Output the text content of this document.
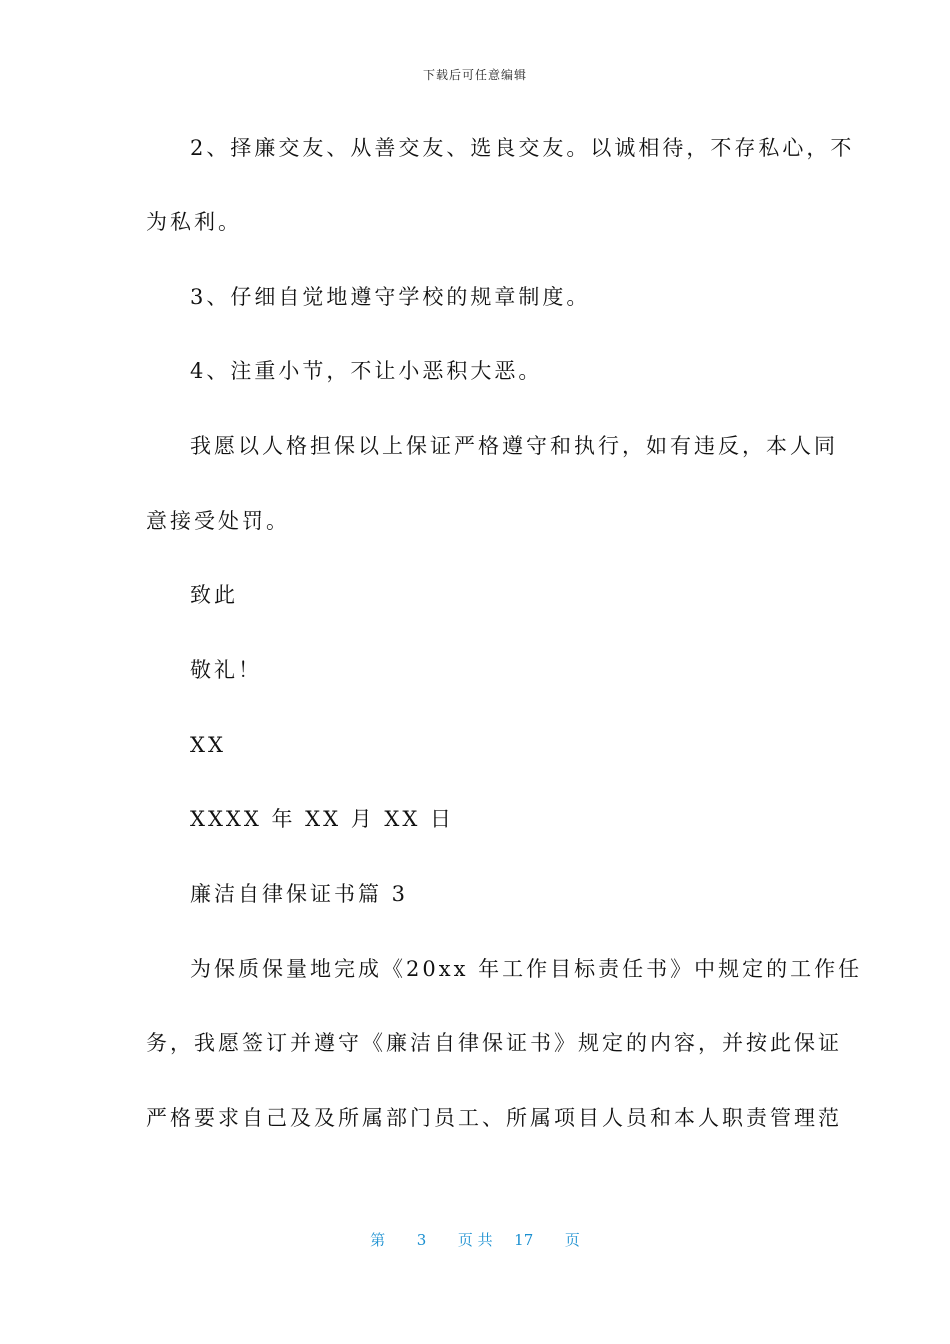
下载后可任意编辑
2、择廉交友、从善交友、选良交友。以诚相待，不存私心，不
为私利。
3、仔细自觉地遵守学校的规章制度。
4、注重小节，不让小恶积大恶。
我愿以人格担保以上保证严格遵守和执行，如有违反，本人同
意接受处罚。
致此
敬礼！
XX
XXXX 年 XX 月 XX 日
廉洁自律保证书篇 3
为保质保量地完成《20xx 年工作目标责任书》中规定的工作任
务，我愿签订并遵守《廉洁自律保证书》规定的内容，并按此保证
严格要求自己及及所属部门员工、所属项目人员和本人职责管理范
第 3 页 共 17 页
